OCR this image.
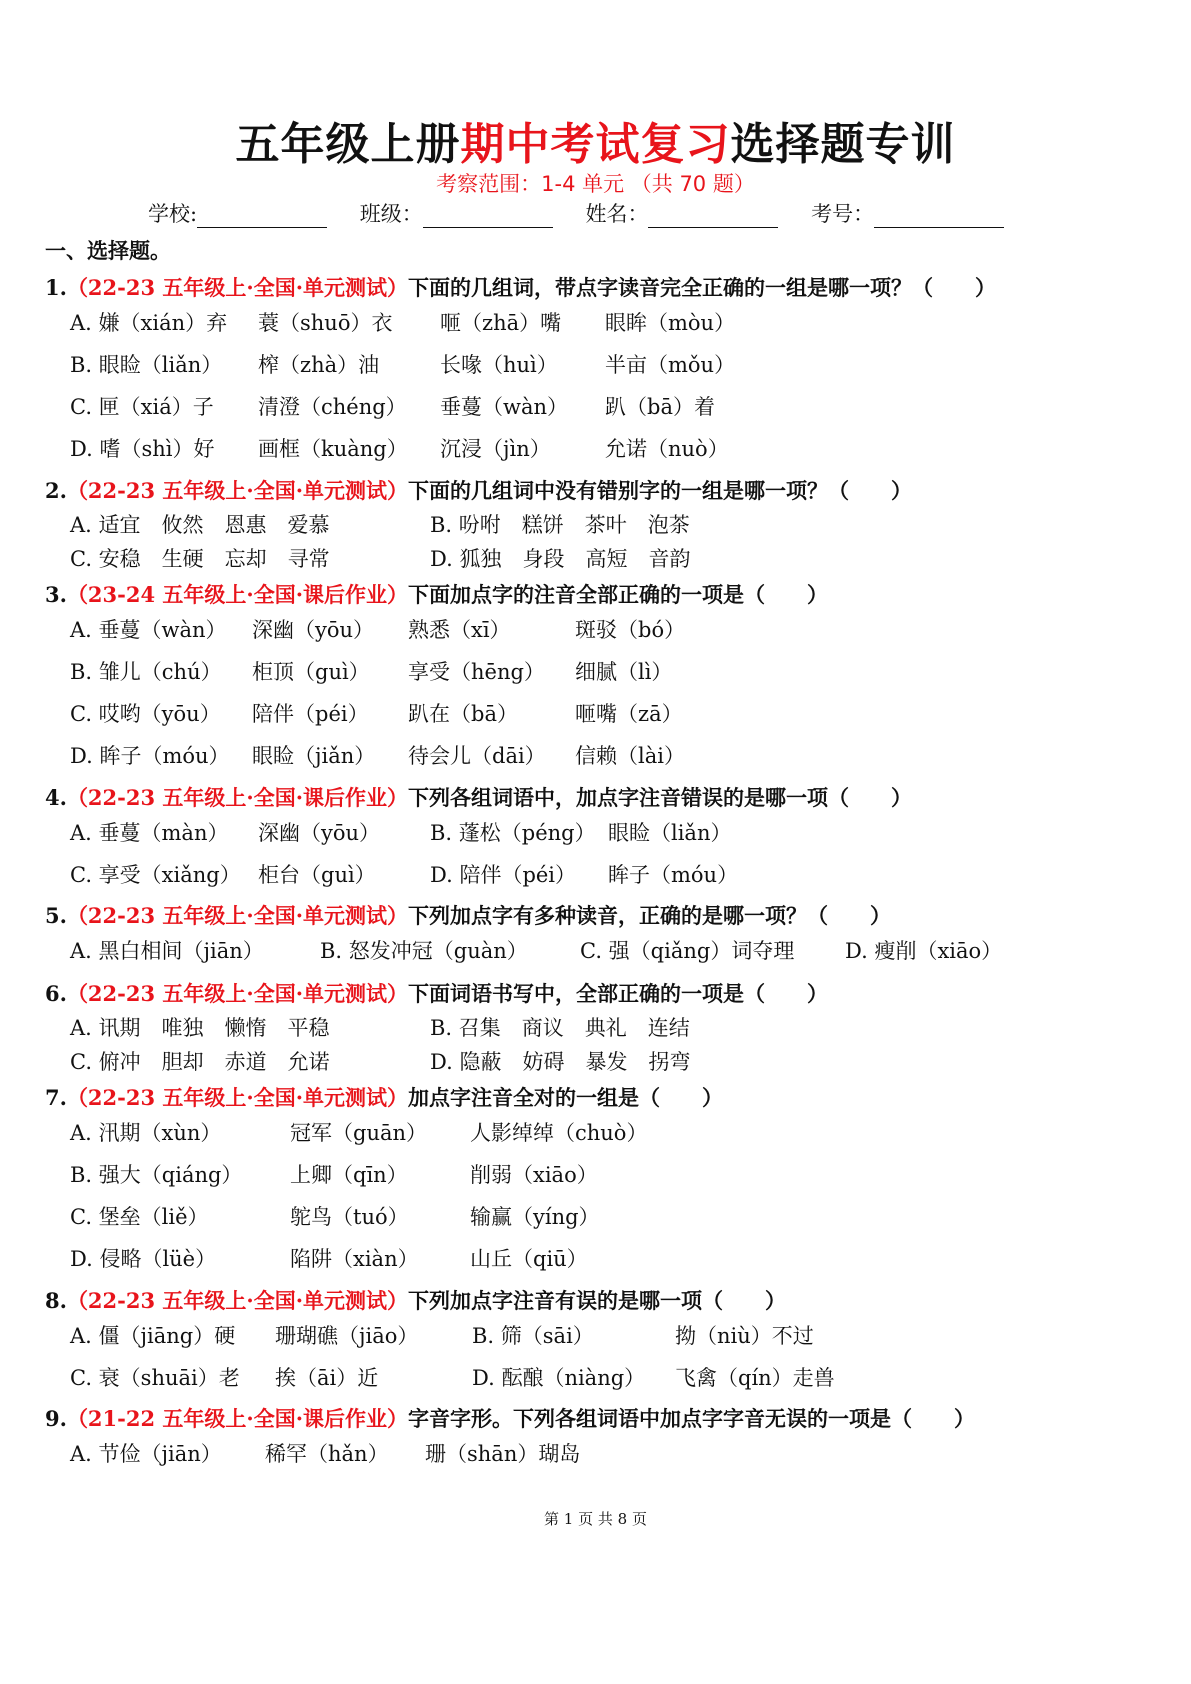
五年级上册期中考试复习选择题专训
考察范围：1-4 单元 （共 70 题）
学校:	班级：	姓名：	考号：
一、选择题。
1.（22-23 五年级上·全国·单元测试）下面的几组词，带点字读音完全正确的一组是哪一项？（　　）
A. 嫌（xián）弃 蓑（shuō）衣 咂（zhā）嘴 眼眸（mòu）
B. 眼睑（liǎn） 榨（zhà）油	长喙（huì） 半亩（mǒu）
C. 匣（xiá）子 清澄（chéng） 垂蔓（wàn） 趴（bā）着
D. 嗜（shì）好 画框（kuàng） 沉浸（jìn）	允诺（nuò）
2.（22-23 五年级上·全国·单元测试）下面的几组词中没有错别字的一组是哪一项？（　　）
A. 适宜　攸然　恩惠　爱慕	B. 吩咐　糕饼　茶叶　泡茶
C. 安稳　生硬　忘却　寻常	D. 狐独　身段　高短　音韵
3.（23-24 五年级上·全国·课后作业）下面加点字的注音全部正确的一项是（　　）
A. 垂蔓（wàn） 深幽（yōu） 熟悉（xī）	斑驳（bó）
B. 雏儿（chú） 柜顶（guì） 享受（hēng） 细腻（lì）
C. 哎哟（yōu） 陪伴（péi） 趴在（bā）	咂嘴（zā）
D. 眸子（móu） 眼睑（jiǎn） 待会儿（dāi） 信赖（lài）
4.（22-23 五年级上·全国·课后作业）下列各组词语中，加点字注音错误的是哪一项（　　）
A. 垂蔓（màn） 深幽（yōu） B. 蓬松（péng） 眼睑（liǎn）
C. 享受（xiǎng） 柜台（guì）	D. 陪伴（péi） 眸子（móu）
5.（22-23 五年级上·全国·单元测试）下列加点字有多种读音，正确的是哪一项？（　　）
A. 黑白相间（jiān）	B. 怒发冲冠（guàn） C. 强（qiǎng）词夺理 D. 瘦削（xiāo）
6.（22-23 五年级上·全国·单元测试）下面词语书写中，全部正确的一项是（　　）
A. 讯期　唯独　懒惰　平稳	B. 召集　商议　典礼　连结
C. 俯冲　胆却　赤道　允诺	D. 隐蔽　妨碍　暴发　拐弯
7.（22-23 五年级上·全国·单元测试）加点字注音全对的一组是（　　）
A. 汛期（xùn）	冠军（guān） 人影绰绰（chuò）
B. 强大（qiáng） 上卿（qīn）	削弱（xiāo）
C. 堡垒（liě）	鸵鸟（tuó）	输赢（yíng）
D. 侵略（lüè）	陷阱（xiàn） 山丘（qiū）
8.（22-23 五年级上·全国·单元测试）下列加点字注音有误的是哪一项（　　）
A. 僵（jiāng）硬 珊瑚礁（jiāo）	B. 筛（sāi）	拗（niù）不过
C. 衰（shuāi）老 挨（āi）近	D. 酝酿（niàng） 飞禽（qín）走兽
9.（21-22 五年级上·全国·课后作业）字音字形。下列各组词语中加点字字音无误的一项是（　　）
A. 节俭（jiān） 稀罕（hǎn） 珊（shān）瑚岛
第 1 页 共 8 页
